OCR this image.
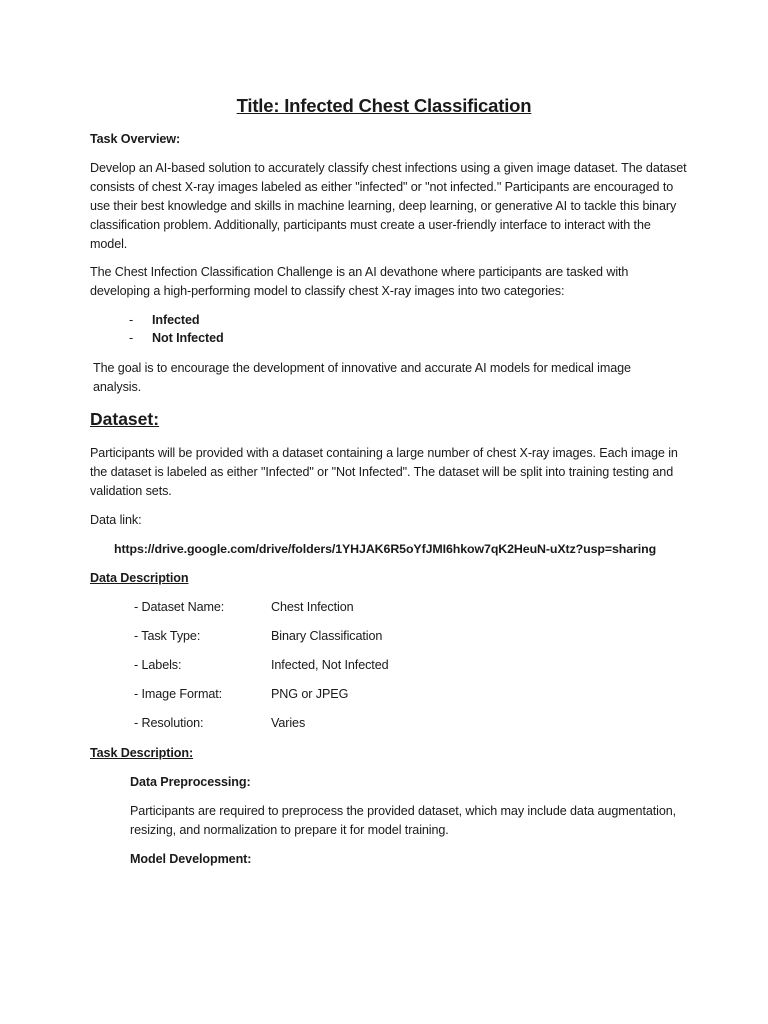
Title: Infected Chest Classification
Task Overview:
Develop an AI-based solution to accurately classify chest infections using a given image dataset. The dataset consists of chest X-ray images labeled as either "infected" or "not infected." Participants are encouraged to use their best knowledge and skills in machine learning, deep learning, or generative AI to tackle this binary classification problem. Additionally, participants must create a user-friendly interface to interact with the model.
The Chest Infection Classification Challenge is an AI devathone where participants are tasked with developing a high-performing model to classify chest X-ray images into two categories:
- Infected
- Not Infected
The goal is to encourage the development of innovative and accurate AI models for medical image analysis.
Dataset:
Participants will be provided with a dataset containing a large number of chest X-ray images. Each image in the dataset is labeled as either "Infected" or "Not Infected". The dataset will be split into training testing and validation sets.
Data link:
https://drive.google.com/drive/folders/1YHJAK6R5oYfJMI6hkow7qK2HeuN-uXtz?usp=sharing
Data Description
- Dataset Name:	Chest Infection
- Task Type:	Binary Classification
- Labels:	Infected, Not Infected
- Image Format:	PNG or JPEG
- Resolution:	Varies
Task Description:
Data Preprocessing:
Participants are required to preprocess the provided dataset, which may include data augmentation, resizing, and normalization to prepare it for model training.
Model Development:
